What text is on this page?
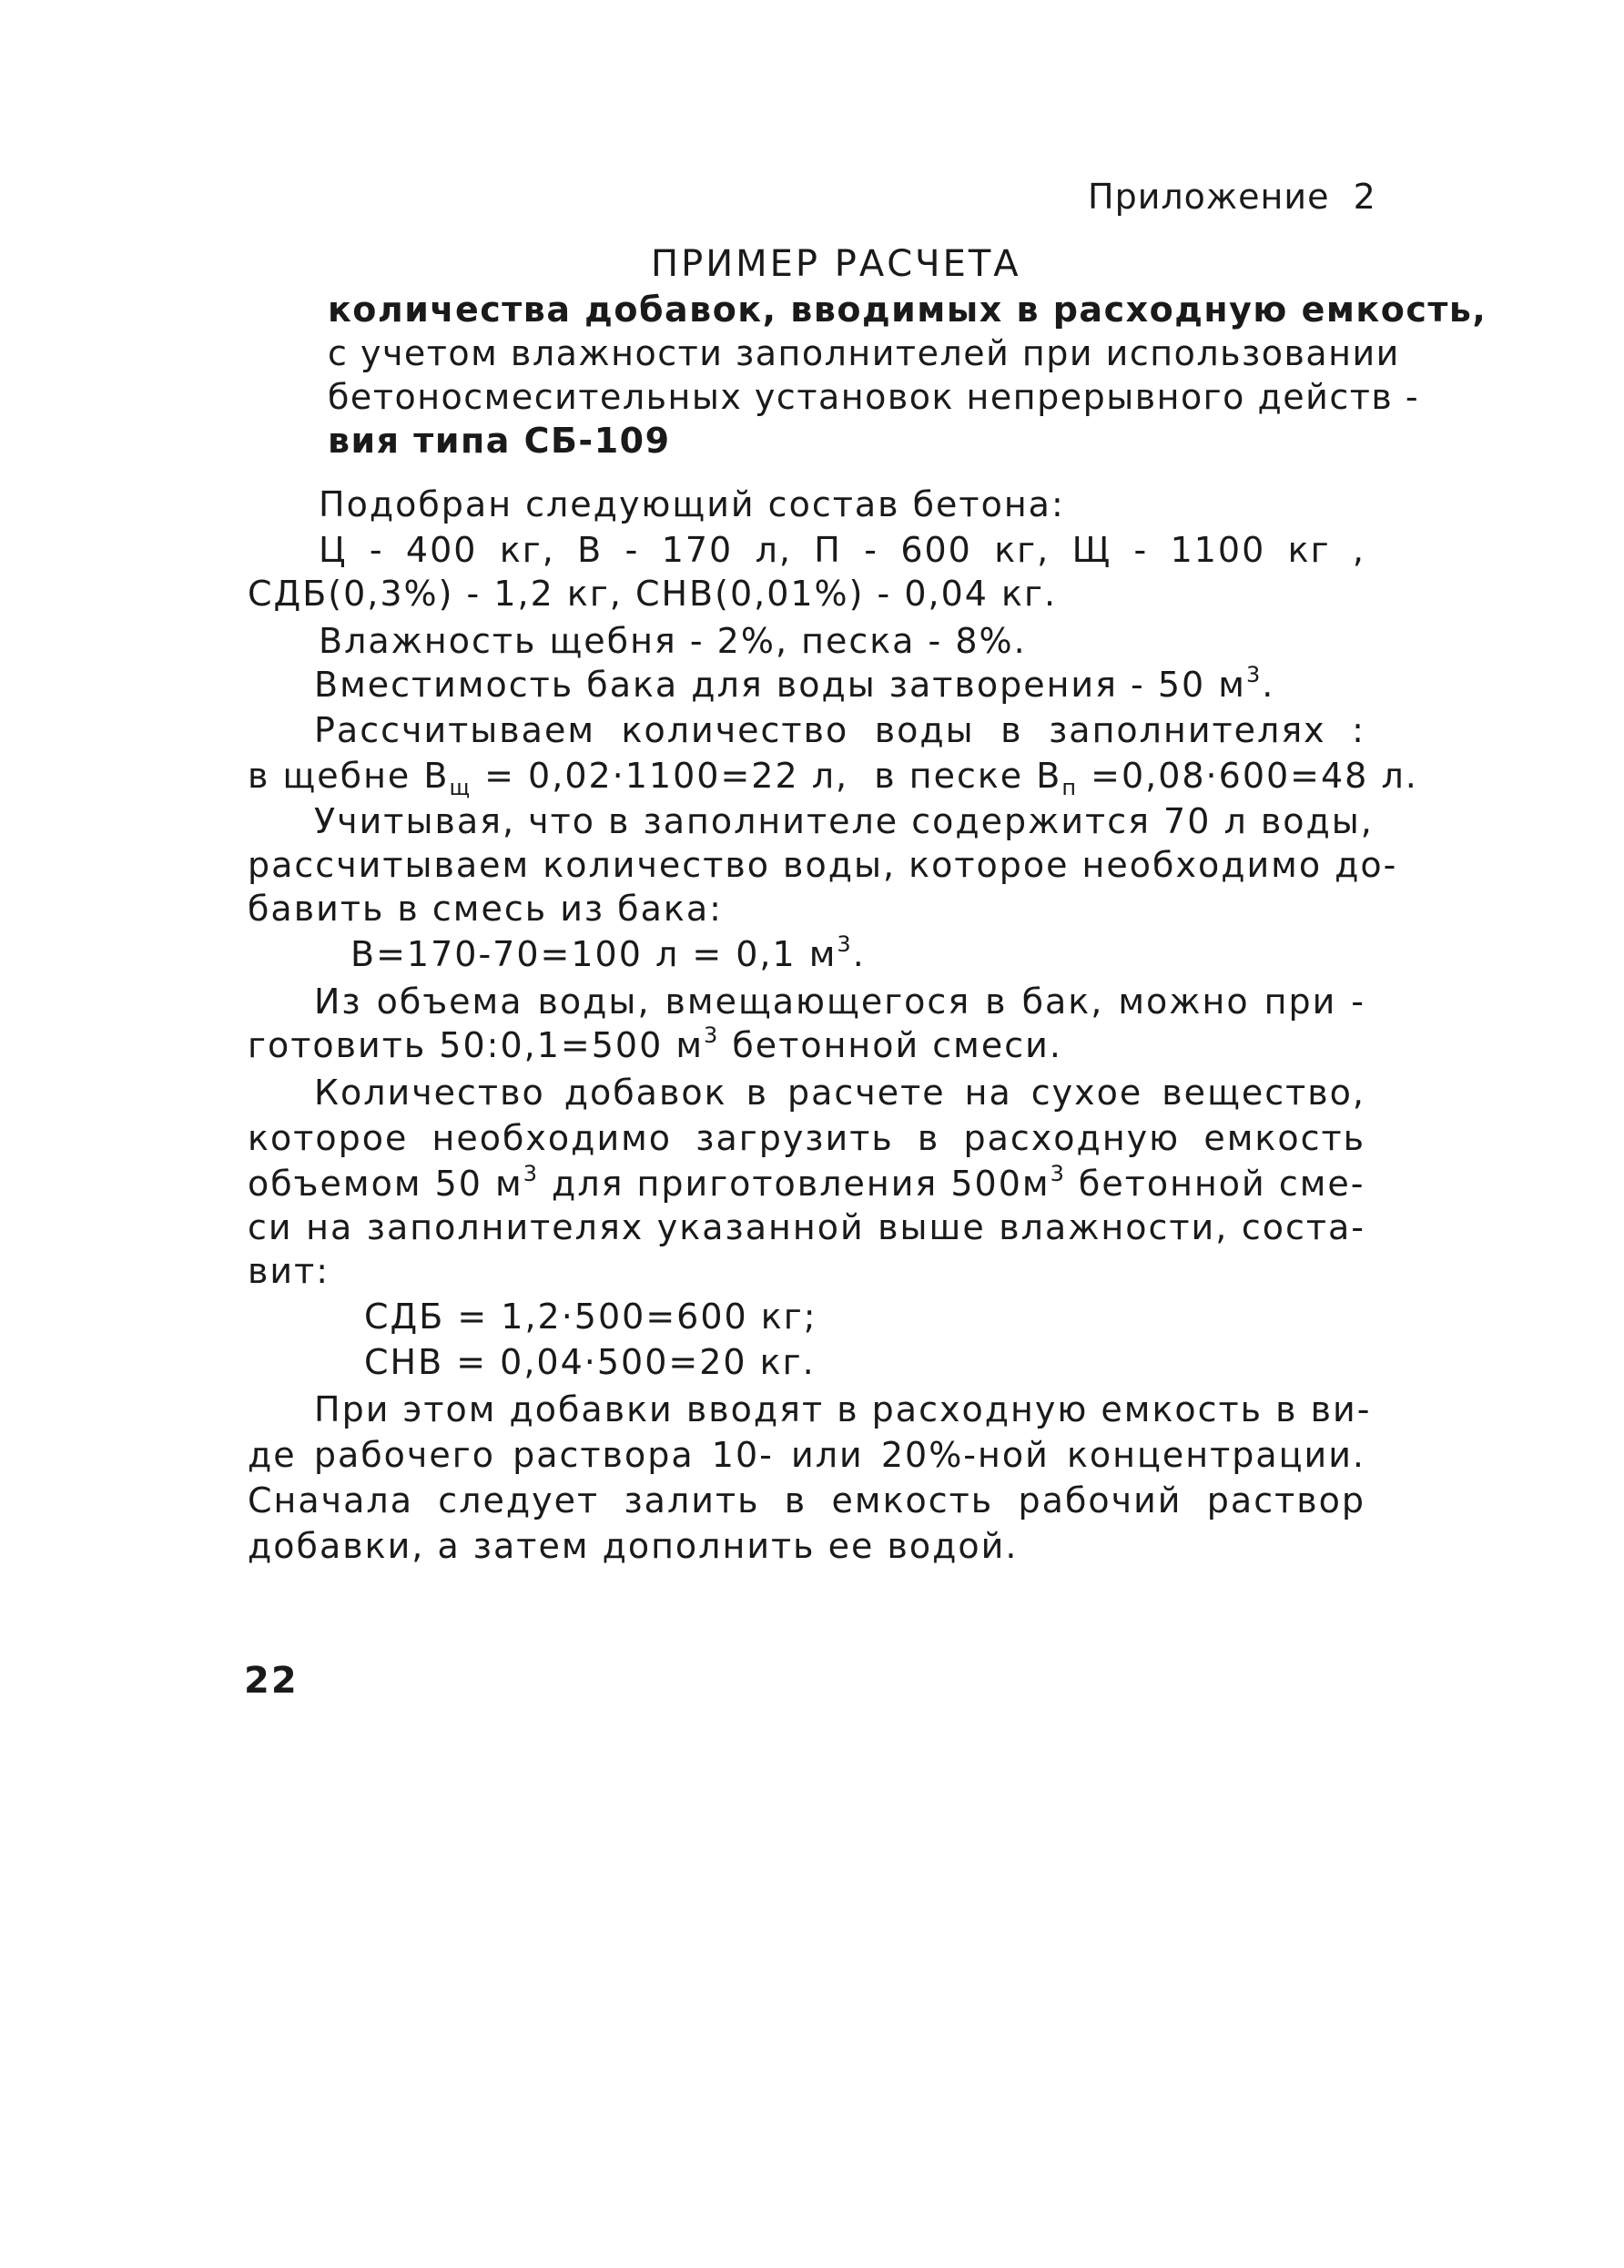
Приложение  2
ПРИМЕР РАСЧЕТА
количества добавок, вводимых в расходную емкость,
с учетом влажности заполнителей при использовании
бетоносмесительных установок непрерывного действ -
вия типа СБ-109
Подобран следующий состав бетона:
Ц - 400 кг, В - 170 л, П - 600 кг, Щ - 1100 кг ,
СДБ(0,3%) - 1,2 кг, СНВ(0,01%) - 0,04 кг.
Влажность щебня - 2%, песка - 8%.
Вместимость бака для воды затворения - 50 $м^3$.
Рассчитываем количество воды в заполнителях :
в щебне $В_щ = 0,02\cdot 1100=22$ л,  в песке $В_п =0,08\cdot 600=48$ л.
Учитывая, что в заполнителе содержится 70 л воды,
рассчитываем количество воды, которое необходимо до-
бавить в смесь из бака:
В=170-70=100 л = 0,1 $м^3$.
Из объема воды, вмещающегося в бак, можно при -
готовить 50:0,1=500 $м^3$ бетонной смеси.
Количество добавок в расчете на сухое вещество,
которое необходимо загрузить в расходную емкость
объемом 50 $м^3$ для приготовления $500м^3$ бетонной сме-
си на заполнителях указанной выше влажности, соста-
вит:
СДБ = 1,2·500=600 кг;
СНВ = 0,04·500=20 кг.
При этом добавки вводят в расходную емкость в ви-
де рабочего раствора 10- или 20%-ной концентрации.
Сначала следует залить в емкость рабочий раствор
добавки, а затем дополнить ее водой.
22
